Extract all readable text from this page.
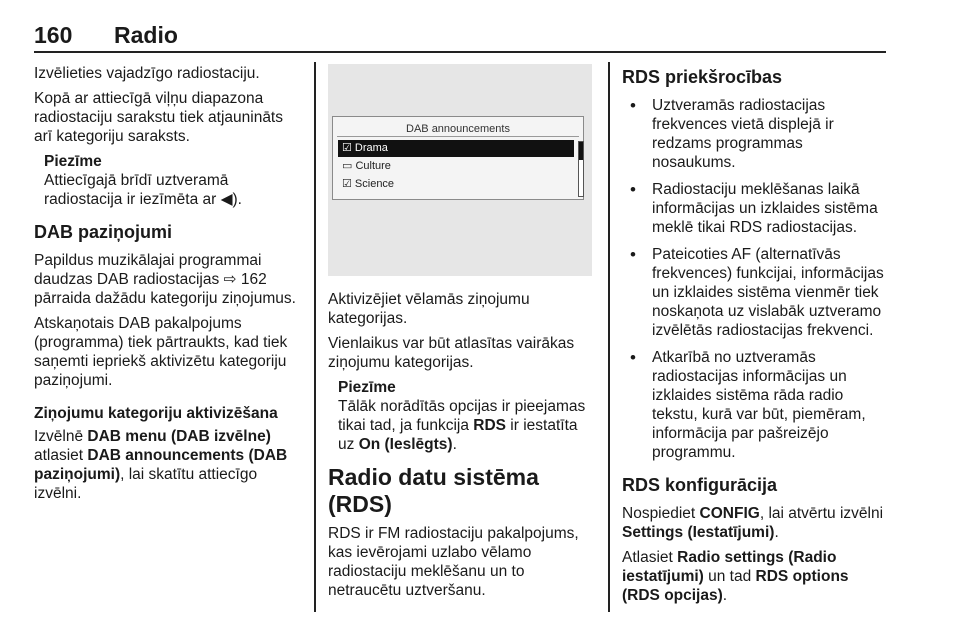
160 Radio

Izvēlieties vajadzīgo radiostaciju.

Kopā ar attiecīgā viļņu diapazona radiostaciju sarakstu tiek atjaunināts arī kategoriju saraksts.

Piezīme
Attiecīgajā brīdī uztveramā radiostacija ir iezīmēta ar ◀).
DAB paziņojumi

Papildus muzikālajai programmai daudzas DAB radiostacijas ⇨ 162 pārraida dažādu kategoriju ziņojumus.

Atskaņotais DAB pakalpojums (programma) tiek pārtraukts, kad tiek saņemti iepriekš aktivizētu kategoriju paziņojumi.

Ziņojumu kategoriju aktivizēšana

Izvēlnē DAB menu (DAB izvēlne) atlasiet DAB announcements (DAB paziņojumi), lai skatītu attiecīgo izvēlni.

DAB announcements
☑ Drama
▭ Culture
☑ Science

Aktivizējiet vēlamās ziņojumu kategorijas.

Vienlaikus var būt atlasītas vairākas ziņojumu kategorijas.

Piezīme
Tālāk norādītās opcijas ir pieejamas tikai tad, ja funkcija RDS ir iestatīta uz On (Ieslēgts).
Radio datu sistēma (RDS)

RDS ir FM radiostaciju pakalpojums, kas ievērojami uzlabo vēlamo radiostaciju meklēšanu un to netraucētu uztveršanu.

RDS priekšrocības
• Uztveramās radiostacijas frekvences vietā displejā ir redzams programmas nosaukums.
• Radiostaciju meklēšanas laikā informācijas un izklaides sistēma meklē tikai RDS radiostacijas.
• Pateicoties AF (alternatīvās frekvences) funkcijai, informācijas un izklaides sistēma vienmēr tiek noskaņota uz vislabāk uztveramo izvēlētās radiostacijas frekvenci.
• Atkarībā no uztveramās radiostacijas informācijas un izklaides sistēma rāda radio tekstu, kurā var būt, piemēram, informācija par pašreizējo programmu.
RDS konfigurācija

Nospiediet CONFIG, lai atvērtu izvēlni Settings (Iestatījumi).

Atlasiet Radio settings (Radio iestatījumi) un tad RDS options (RDS opcijas).
